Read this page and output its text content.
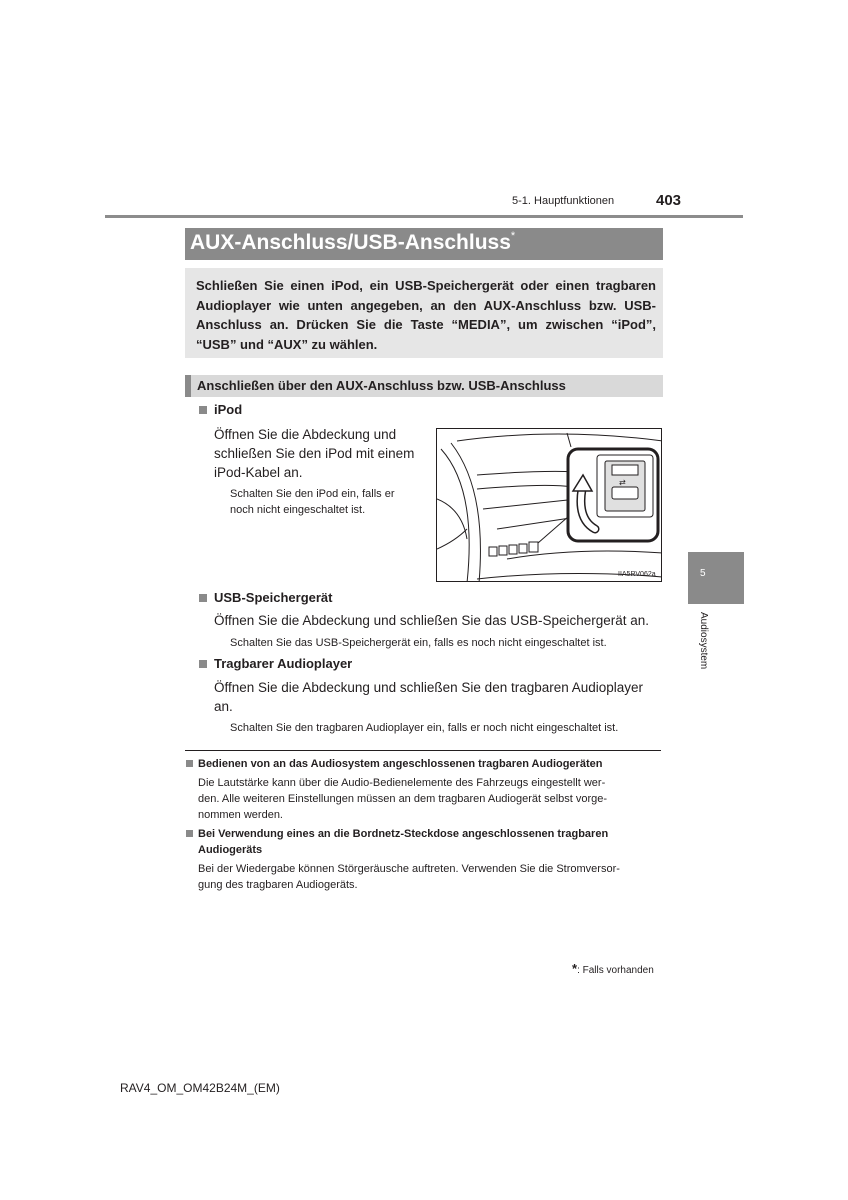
5-1. Hauptfunktionen	403
AUX-Anschluss/USB-Anschluss*
Schließen Sie einen iPod, ein USB-Speichergerät oder einen tragbaren Audioplayer wie unten angegeben, an den AUX-Anschluss bzw. USB-Anschluss an. Drücken Sie die Taste “MEDIA”, um zwischen “iPod”, “USB” und “AUX” zu wählen.
Anschließen über den AUX-Anschluss bzw. USB-Anschluss
iPod
Öffnen Sie die Abdeckung und
schließen Sie den iPod mit einem
iPod-Kabel an.
Schalten Sie den iPod ein, falls er
noch nicht eingeschaltet ist.
⇄
IIA5RV062a
USB-Speichergerät
Öffnen Sie die Abdeckung und schließen Sie das USB-Speichergerät an.
Schalten Sie das USB-Speichergerät ein, falls es noch nicht eingeschaltet ist.
Tragbarer Audioplayer
Öffnen Sie die Abdeckung und schließen Sie den tragbaren Audioplayer
an.
Schalten Sie den tragbaren Audioplayer ein, falls er noch nicht eingeschaltet ist.
5
Audiosystem
Bedienen von an das Audiosystem angeschlossenen tragbaren Audiogeräten
Die Lautstärke kann über die Audio-Bedienelemente des Fahrzeugs eingestellt wer-
den. Alle weiteren Einstellungen müssen an dem tragbaren Audiogerät selbst vorge-
nommen werden.
Bei Verwendung eines an die Bordnetz-Steckdose angeschlossenen tragbaren
Audiogeräts
Bei der Wiedergabe können Störgeräusche auftreten. Verwenden Sie die Stromversor-
gung des tragbaren Audiogeräts.
*: Falls vorhanden
RAV4_OM_OM42B24M_(EM)
